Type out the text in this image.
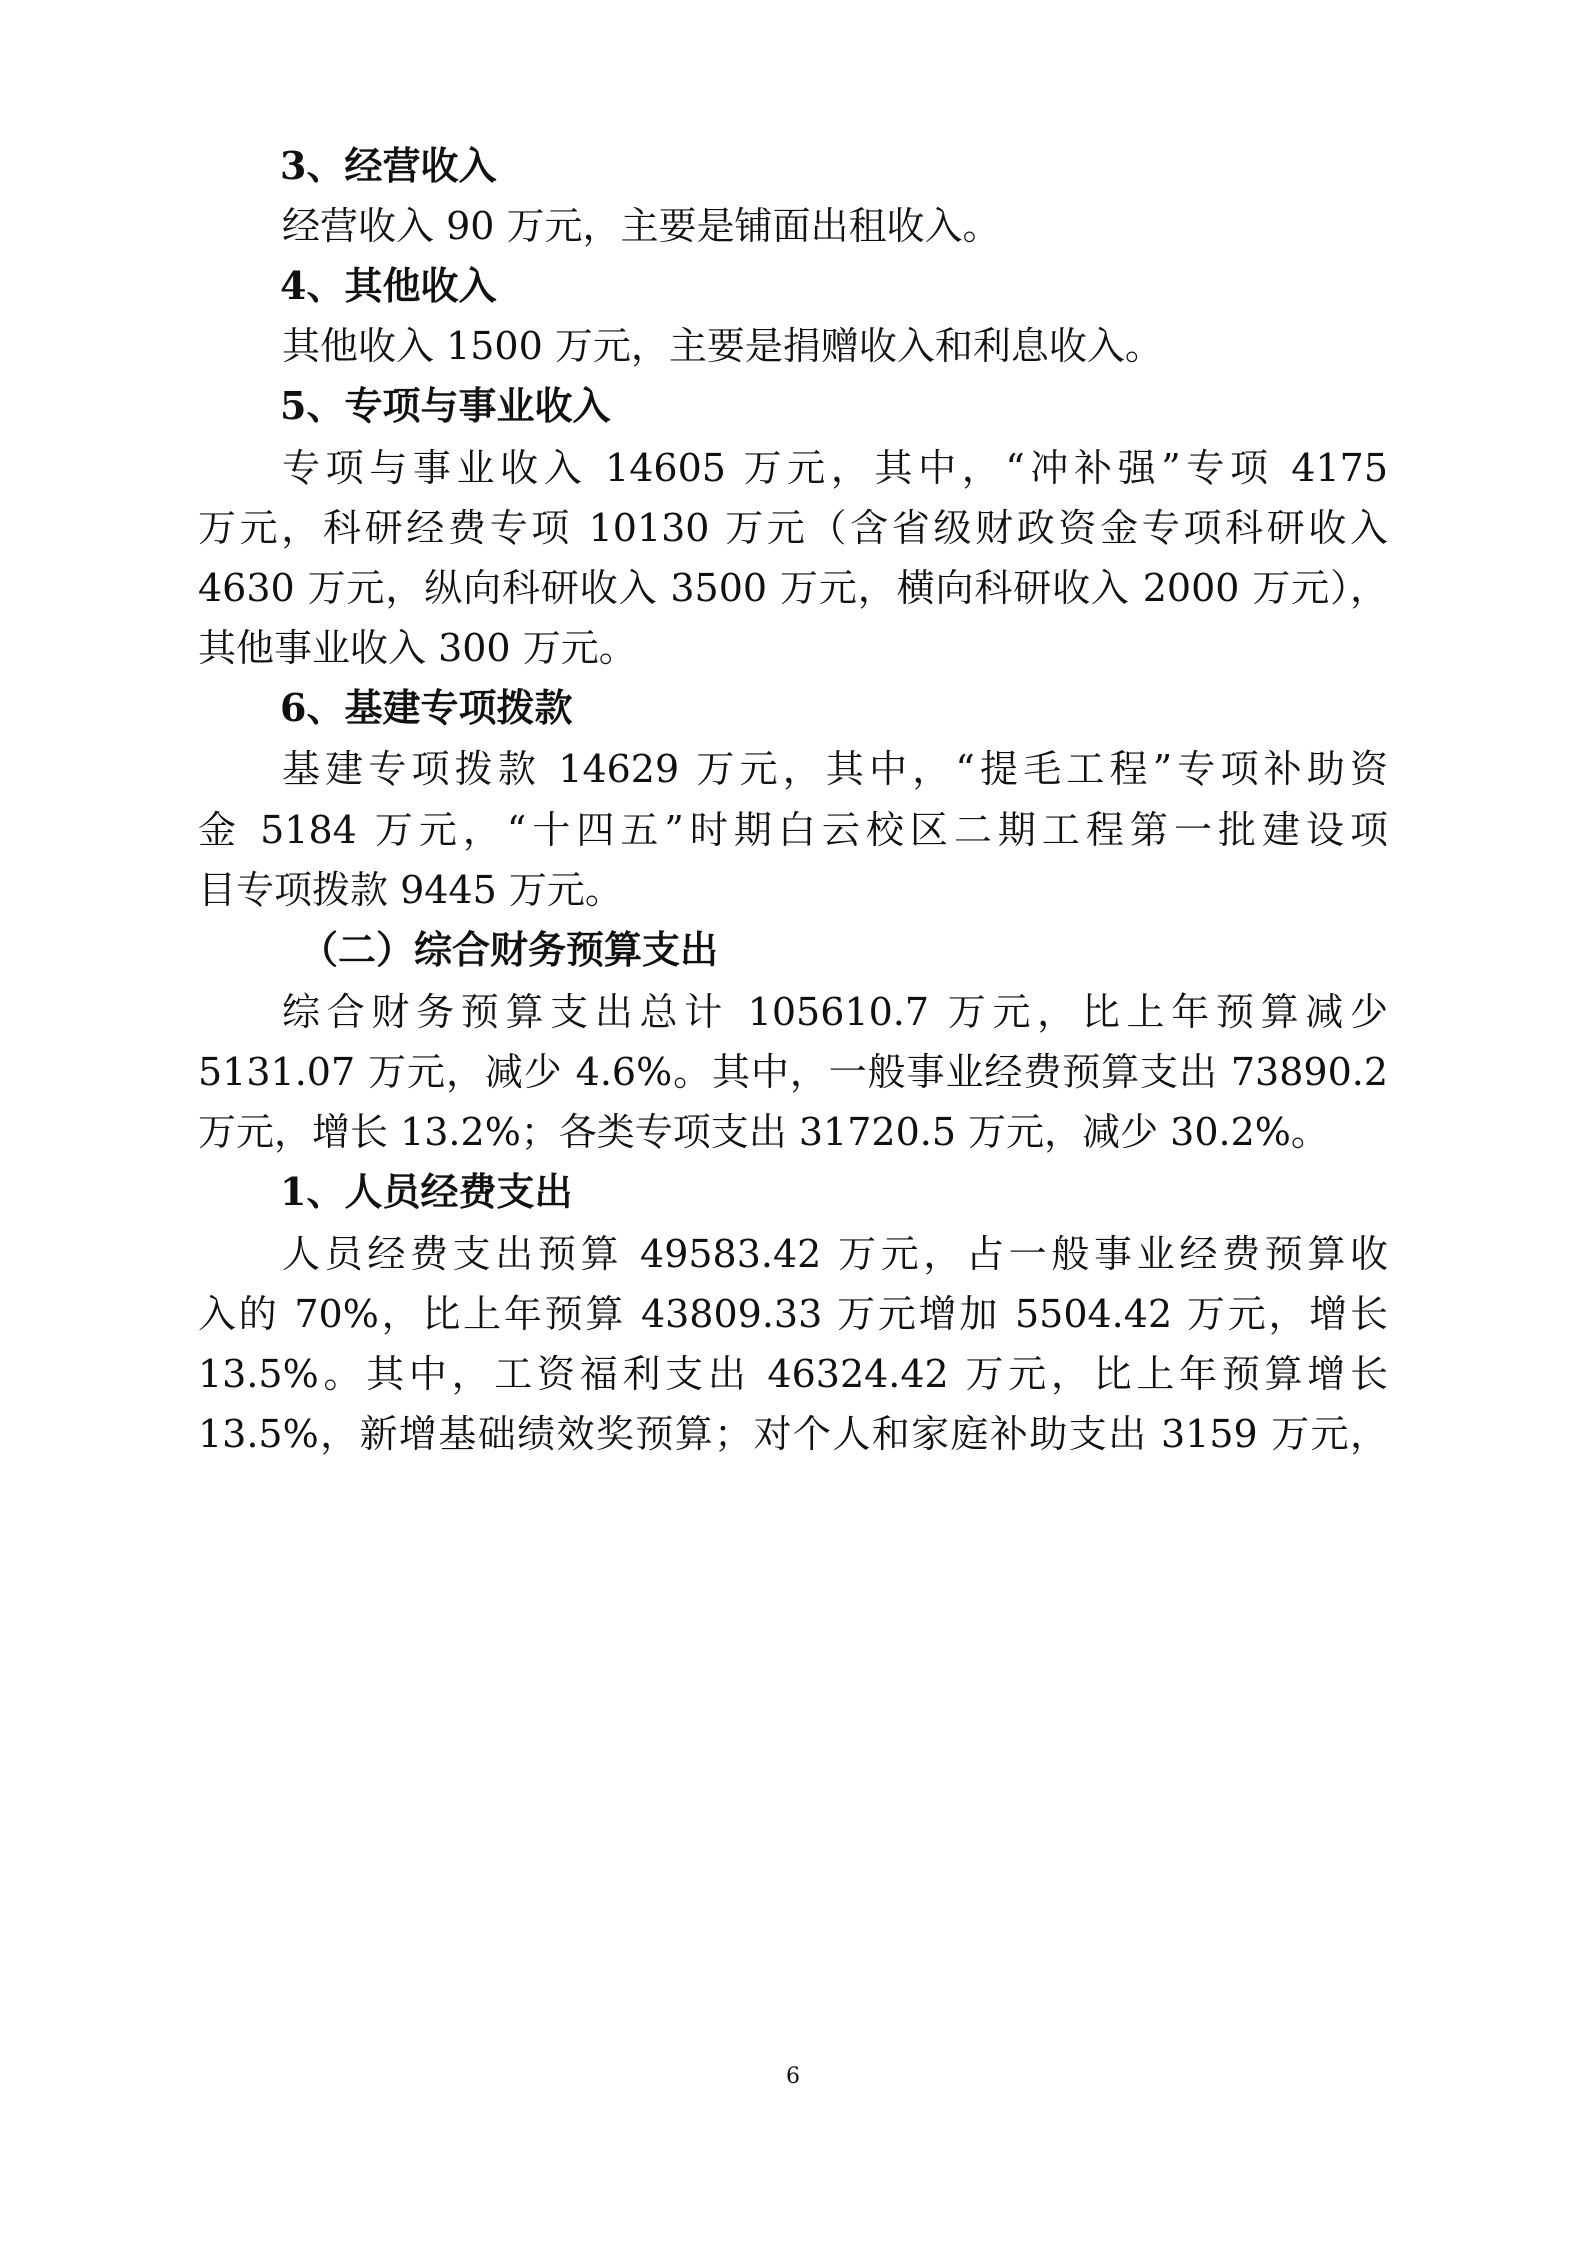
3、经营收入
经营收入 90 万元，主要是铺面出租收入。
4、其他收入
其他收入 1500 万元，主要是捐赠收入和利息收入。
5、专项与事业收入
专项与事业收入 14605 万元，其中，“冲补强”专项 4175
万元，科研经费专项 10130 万元（含省级财政资金专项科研收入
4630 万元，纵向科研收入 3500 万元，横向科研收入 2000 万元），
其他事业收入 300 万元。
6、基建专项拨款
基建专项拨款 14629 万元，其中，“提毛工程”专项补助资
金 5184 万元，“十四五”时期白云校区二期工程第一批建设项
目专项拨款 9445 万元。
（二）综合财务预算支出
综合财务预算支出总计 105610.7 万元，比上年预算减少
5131.07 万元，减少 4.6%。其中，一般事业经费预算支出 73890.2
万元，增长 13.2%；各类专项支出 31720.5 万元，减少 30.2%。
1、人员经费支出
人员经费支出预算 49583.42 万元，占一般事业经费预算收
入的 70%，比上年预算 43809.33 万元增加 5504.42 万元，增长
13.5%。其中，工资福利支出 46324.42 万元，比上年预算增长
13.5%，新增基础绩效奖预算；对个人和家庭补助支出 3159 万元，
6
